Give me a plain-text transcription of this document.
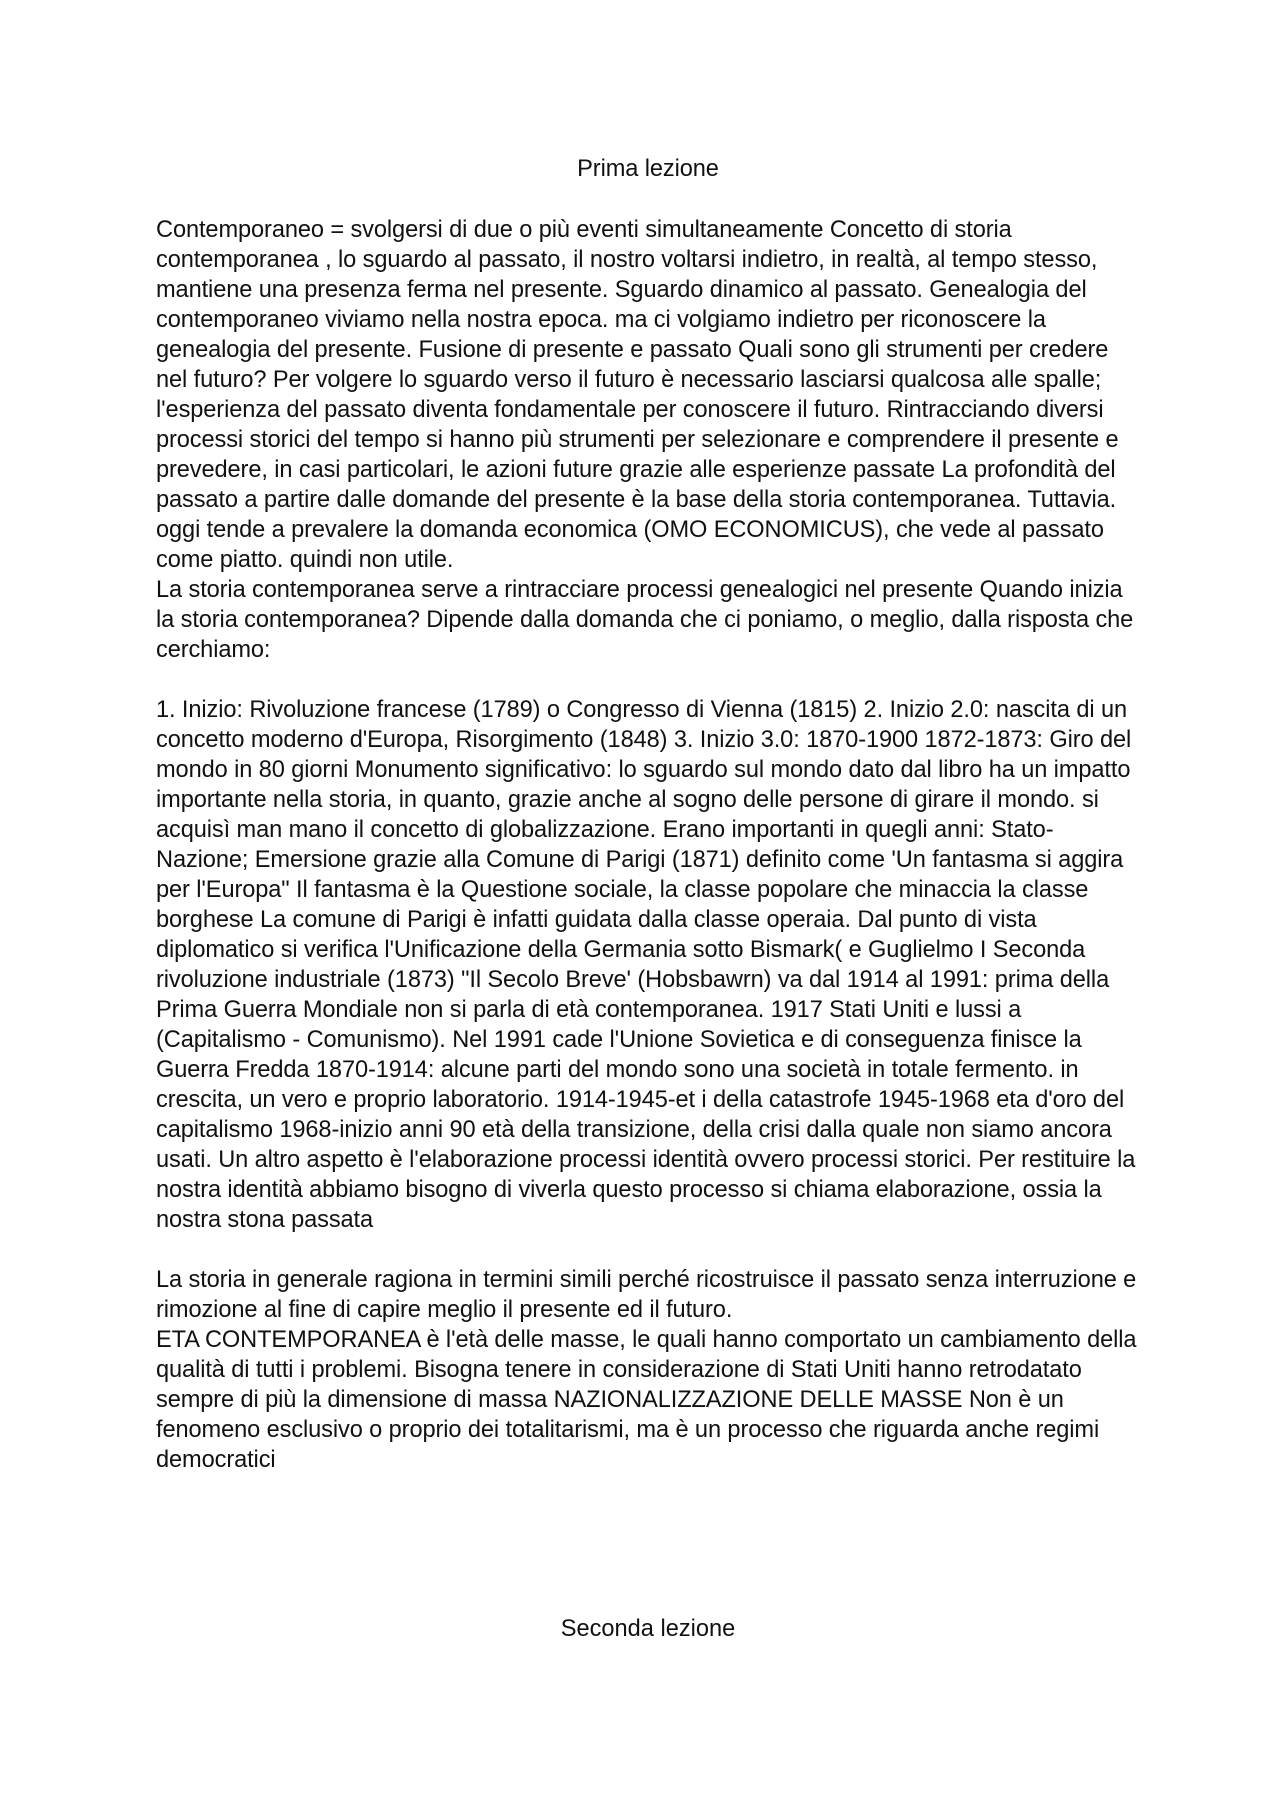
Prima lezione

Contemporaneo = svolgersi di due o più eventi simultaneamente Concetto di storia contemporanea , lo sguardo al passato, il nostro voltarsi indietro, in realtà, al tempo stesso, mantiene una presenza ferma nel presente. Sguardo dinamico al passato. Genealogia del contemporaneo viviamo nella nostra epoca. ma ci volgiamo indietro per riconoscere la genealogia del presente. Fusione di presente e passato Quali sono gli strumenti per credere nel futuro? Per volgere lo sguardo verso il futuro è necessario lasciarsi qualcosa alle spalle; l'esperienza del passato diventa fondamentale per conoscere il futuro. Rintracciando diversi processi storici del tempo si hanno più strumenti per selezionare e comprendere il presente e prevedere, in casi particolari, le azioni future grazie alle esperienze passate La profondità del passato a partire dalle domande del presente è la base della storia contemporanea. Tuttavia. oggi tende a prevalere la domanda economica (OMO ECONOMICUS), che vede al passato come piatto. quindi non utile.

La storia contemporanea serve a rintracciare processi genealogici nel presente Quando inizia la storia contemporanea? Dipende dalla domanda che ci poniamo, o meglio, dalla risposta che cerchiamo:

1. Inizio: Rivoluzione francese (1789) o Congresso di Vienna (1815) 2. Inizio 2.0: nascita di un concetto moderno d'Europa, Risorgimento (1848) 3. Inizio 3.0: 1870-1900 1872-1873: Giro del mondo in 80 giorni Monumento significativo: lo sguardo sul mondo dato dal libro ha un impatto importante nella storia, in quanto, grazie anche al sogno delle persone di girare il mondo. si acquisì man mano il concetto di globalizzazione. Erano importanti in quegli anni: Stato-Nazione; Emersione grazie alla Comune di Parigi (1871) definito come 'Un fantasma si aggira per l'Europa" Il fantasma è la Questione sociale, la classe popolare che minaccia la classe borghese La comune di Parigi è infatti guidata dalla classe operaia. Dal punto di vista diplomatico si verifica l'Unificazione della Germania sotto Bismark( e Guglielmo I Seconda rivoluzione industriale (1873) "Il Secolo Breve' (Hobsbawrn) va dal 1914 al 1991: prima della Prima Guerra Mondiale non si parla di età contemporanea. 1917 Stati Uniti e lussi a (Capitalismo - Comunismo). Nel 1991 cade l'Unione Sovietica e di conseguenza finisce la Guerra Fredda 1870-1914: alcune parti del mondo sono una società in totale fermento. in crescita, un vero e proprio laboratorio. 1914-1945-et i della catastrofe 1945-1968 eta d'oro del capitalismo 1968-inizio anni 90 età della transizione, della crisi dalla quale non siamo ancora usati. Un altro aspetto è l'elaborazione processi identità ovvero processi storici. Per restituire la nostra identità abbiamo bisogno di viverla questo processo si chiama elaborazione, ossia la nostra stona passata

La storia in generale ragiona in termini simili perché ricostruisce il passato senza interruzione e rimozione al fine di capire meglio il presente ed il futuro.

ETA CONTEMPORANEA è l'età delle masse, le quali hanno comportato un cambiamento della qualità di tutti i problemi. Bisogna tenere in considerazione di Stati Uniti hanno retrodatato sempre di più la dimensione di massa NAZIONALIZZAZIONE DELLE MASSE Non è un fenomeno esclusivo o proprio dei totalitarismi, ma è un processo che riguarda anche regimi democratici

Seconda lezione
